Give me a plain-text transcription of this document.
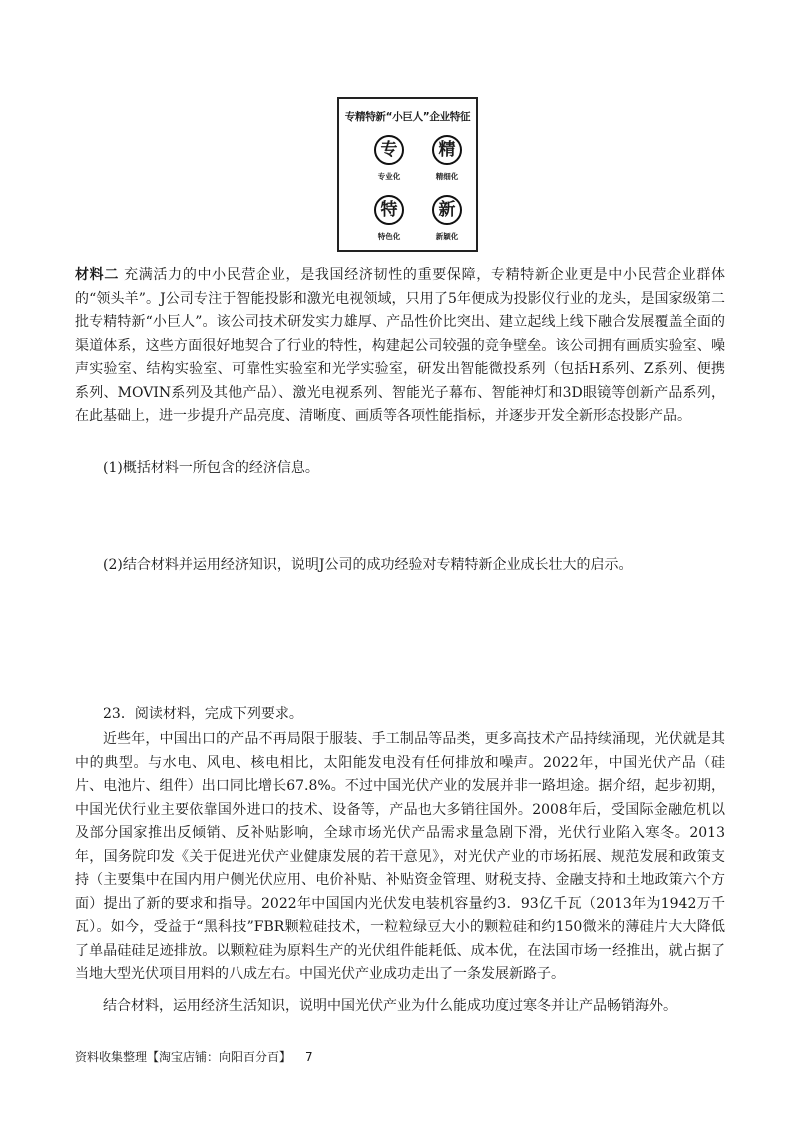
专精特新“小巨人”企业特征
专
专业化
精
精细化
特
特色化
新
新颖化

材料二 充满活力的中小民营企业，是我国经济韧性的重要保障，专精特新企业更是中小民营企业群体的“领头羊”。J公司专注于智能投影和激光电视领域，只用了5年便成为投影仪行业的龙头，是国家级第二批专精特新“小巨人”。该公司技术研发实力雄厚、产品性价比突出、建立起线上线下融合发展覆盖全面的渠道体系，这些方面很好地契合了行业的特性，构建起公司较强的竞争壁垒。该公司拥有画质实验室、噪声实验室、结构实验室、可靠性实验室和光学实验室，研发出智能微投系列（包括H系列、Z系列、便携系列、MOVIN系列及其他产品）、激光电视系列、智能光子幕布、智能神灯和3D眼镜等创新产品系列，在此基础上，进一步提升产品亮度、清晰度、画质等各项性能指标，并逐步开发全新形态投影产品。

(1)概括材料一所包含的经济信息。

(2)结合材料并运用经济知识，说明J公司的成功经验对专精特新企业成长壮大的启示。

23．阅读材料，完成下列要求。

近些年，中国出口的产品不再局限于服装、手工制品等品类，更多高技术产品持续涌现，光伏就是其中的典型。与水电、风电、核电相比，太阳能发电没有任何排放和噪声。2022年，中国光伏产品（硅片、电池片、组件）出口同比增长67.8%。不过中国光伏产业的发展并非一路坦途。据介绍，起步初期，中国光伏行业主要依靠国外进口的技术、设备等，产品也大多销往国外。2008年后，受国际金融危机以及部分国家推出反倾销、反补贴影响，全球市场光伏产品需求量急剧下滑，光伏行业陷入寒冬。2013年，国务院印发《关于促进光伏产业健康发展的若干意见》，对光伏产业的市场拓展、规范发展和政策支持（主要集中在国内用户侧光伏应用、电价补贴、补贴资金管理、财税支持、金融支持和土地政策六个方面）提出了新的要求和指导。2022年中国国内光伏发电装机容量约3．93亿千瓦（2013年为1942万千瓦）。如今，受益于“黑科技”FBR颗粒硅技术，一粒粒绿豆大小的颗粒硅和约150微米的薄硅片大大降低了单晶硅硅足迹排放。以颗粒硅为原料生产的光伏组件能耗低、成本优，在法国市场一经推出，就占据了当地大型光伏项目用料的八成左右。中国光伏产业成功走出了一条发展新路子。

结合材料，运用经济生活知识，说明中国光伏产业为什么能成功度过寒冬并让产品畅销海外。

资料收集整理【淘宝店铺：向阳百分百】 7
